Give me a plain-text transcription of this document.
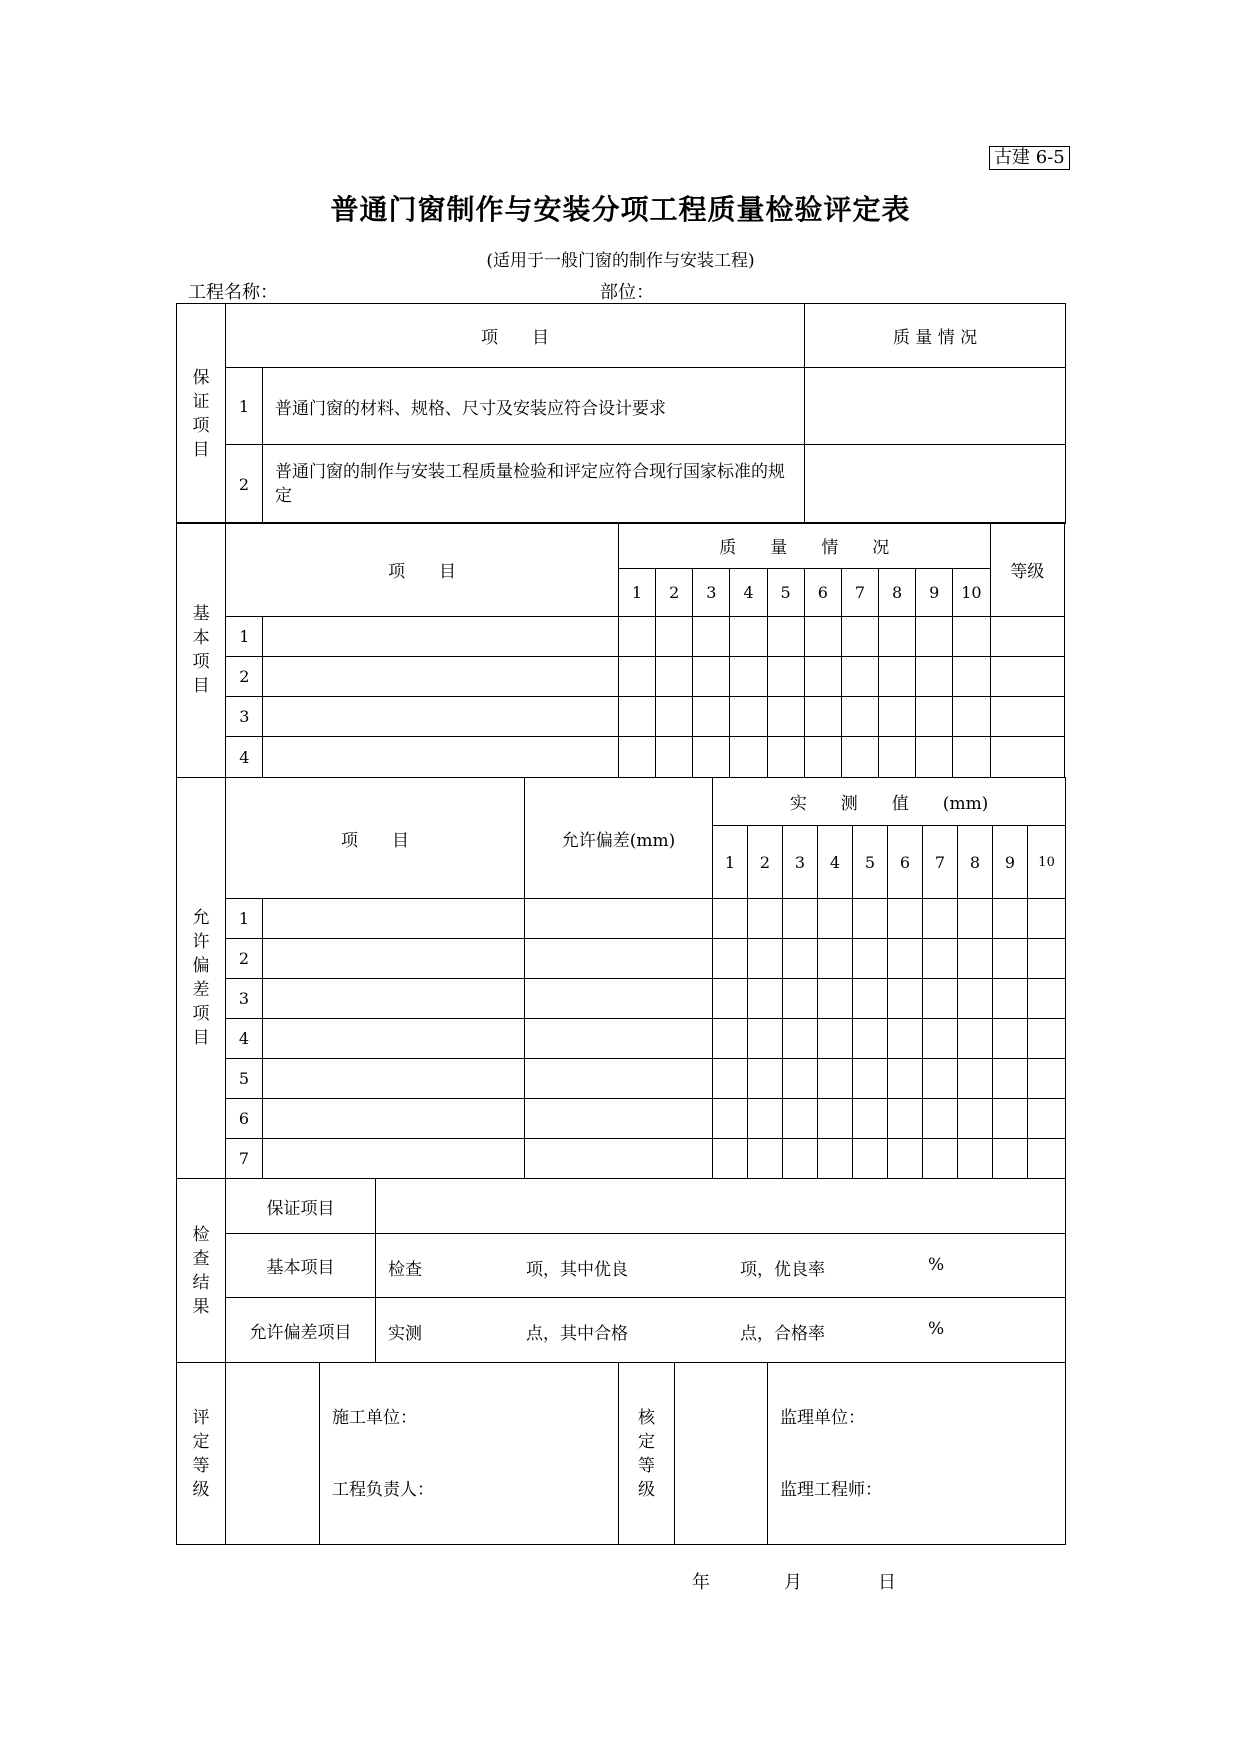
古建 6-5
普通门窗制作与安装分项工程质量检验评定表
(适用于一般门窗的制作与安装工程)
工程名称：	部位：
保证项目	项　　目		质 量 情 况
	1	普通门窗的材料、规格、尺寸及安装应符合设计要求	
	2	普通门窗的制作与安装工程质量检验和评定应符合现行国家标准的规定	
基本项目	项　　目		质　　量　　情　　况										等级
			1	2	3	4	5	6	7	8	9	10	
	1												
	2												
	3												
	4												
允许偏差项目	项　　目		允许偏差(mm)	实　　测　　值　　(mm)									
				1	2	3	4	5	6	7	8	9	10
	1												
	2												
	3												
	4												
	5												
	6												
	7												
检查结果	保证项目	
	基本项目	检查 项，其中优良 项，优良率 %

	允许偏差项目	实测 点，其中合格 点，合格率 %
评定等级

施工单位：
工程负责人：

核定等级

监理单位：
监理工程师：
年	月	日
